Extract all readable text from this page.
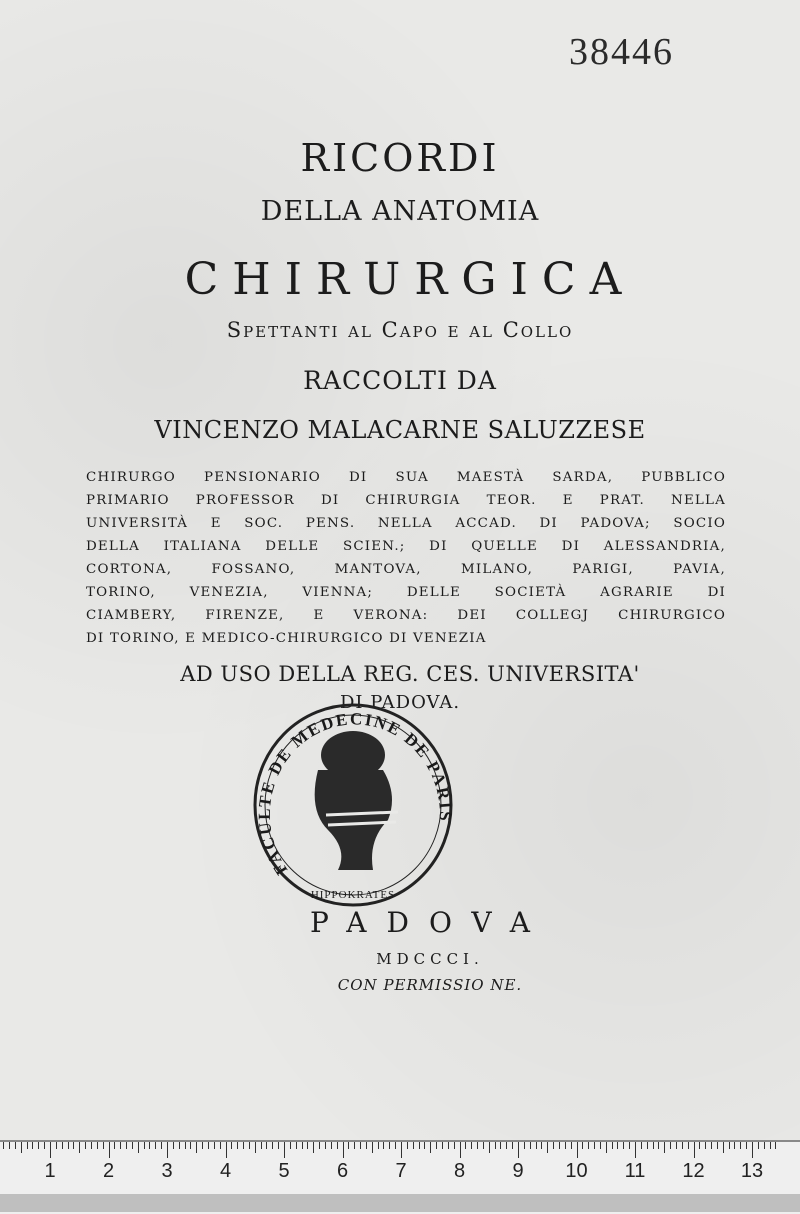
38446
RICORDI
DELLA ANATOMIA
CHIRURGICA
Spettanti al Capo e al Collo
RACCOLTI DA
VINCENZO MALACARNE SALUZZESE
CHIRURGO PENSIONARIO DI SUA MAESTÀ SARDA, PUBBLICO
PRIMARIO PROFESSOR DI CHIRURGIA TEOR. E PRAT. NELLA
UNIVERSITÀ E SOC. PENS. NELLA ACCAD. DI PADOVA; SOCIO
DELLA ITALIANA DELLE SCIEN.; DI QUELLE DI ALESSANDRIA,
CORTONA, FOSSANO, MANTOVA, MILANO, PARIGI, PAVIA,
TORINO, VENEZIA, VIENNA; DELLE SOCIETÀ AGRARIE DI
CIAMBERY, FIRENZE, E VERONA: DEI COLLEGJ CHIRURGICO
DI TORINO, E MEDICO-CHIRURGICO DI VENEZIA
AD USO DELLA REG. CES. UNIVERSITA'
DI PADOVA.
FACULTE DE MEDECINE DE PARIS
HIPPOKRATES
PADOVA
MDCCCI.
CON PERMISSIO NE.
1 2 3 4 5 6 7 8 9 10 11 12 13
